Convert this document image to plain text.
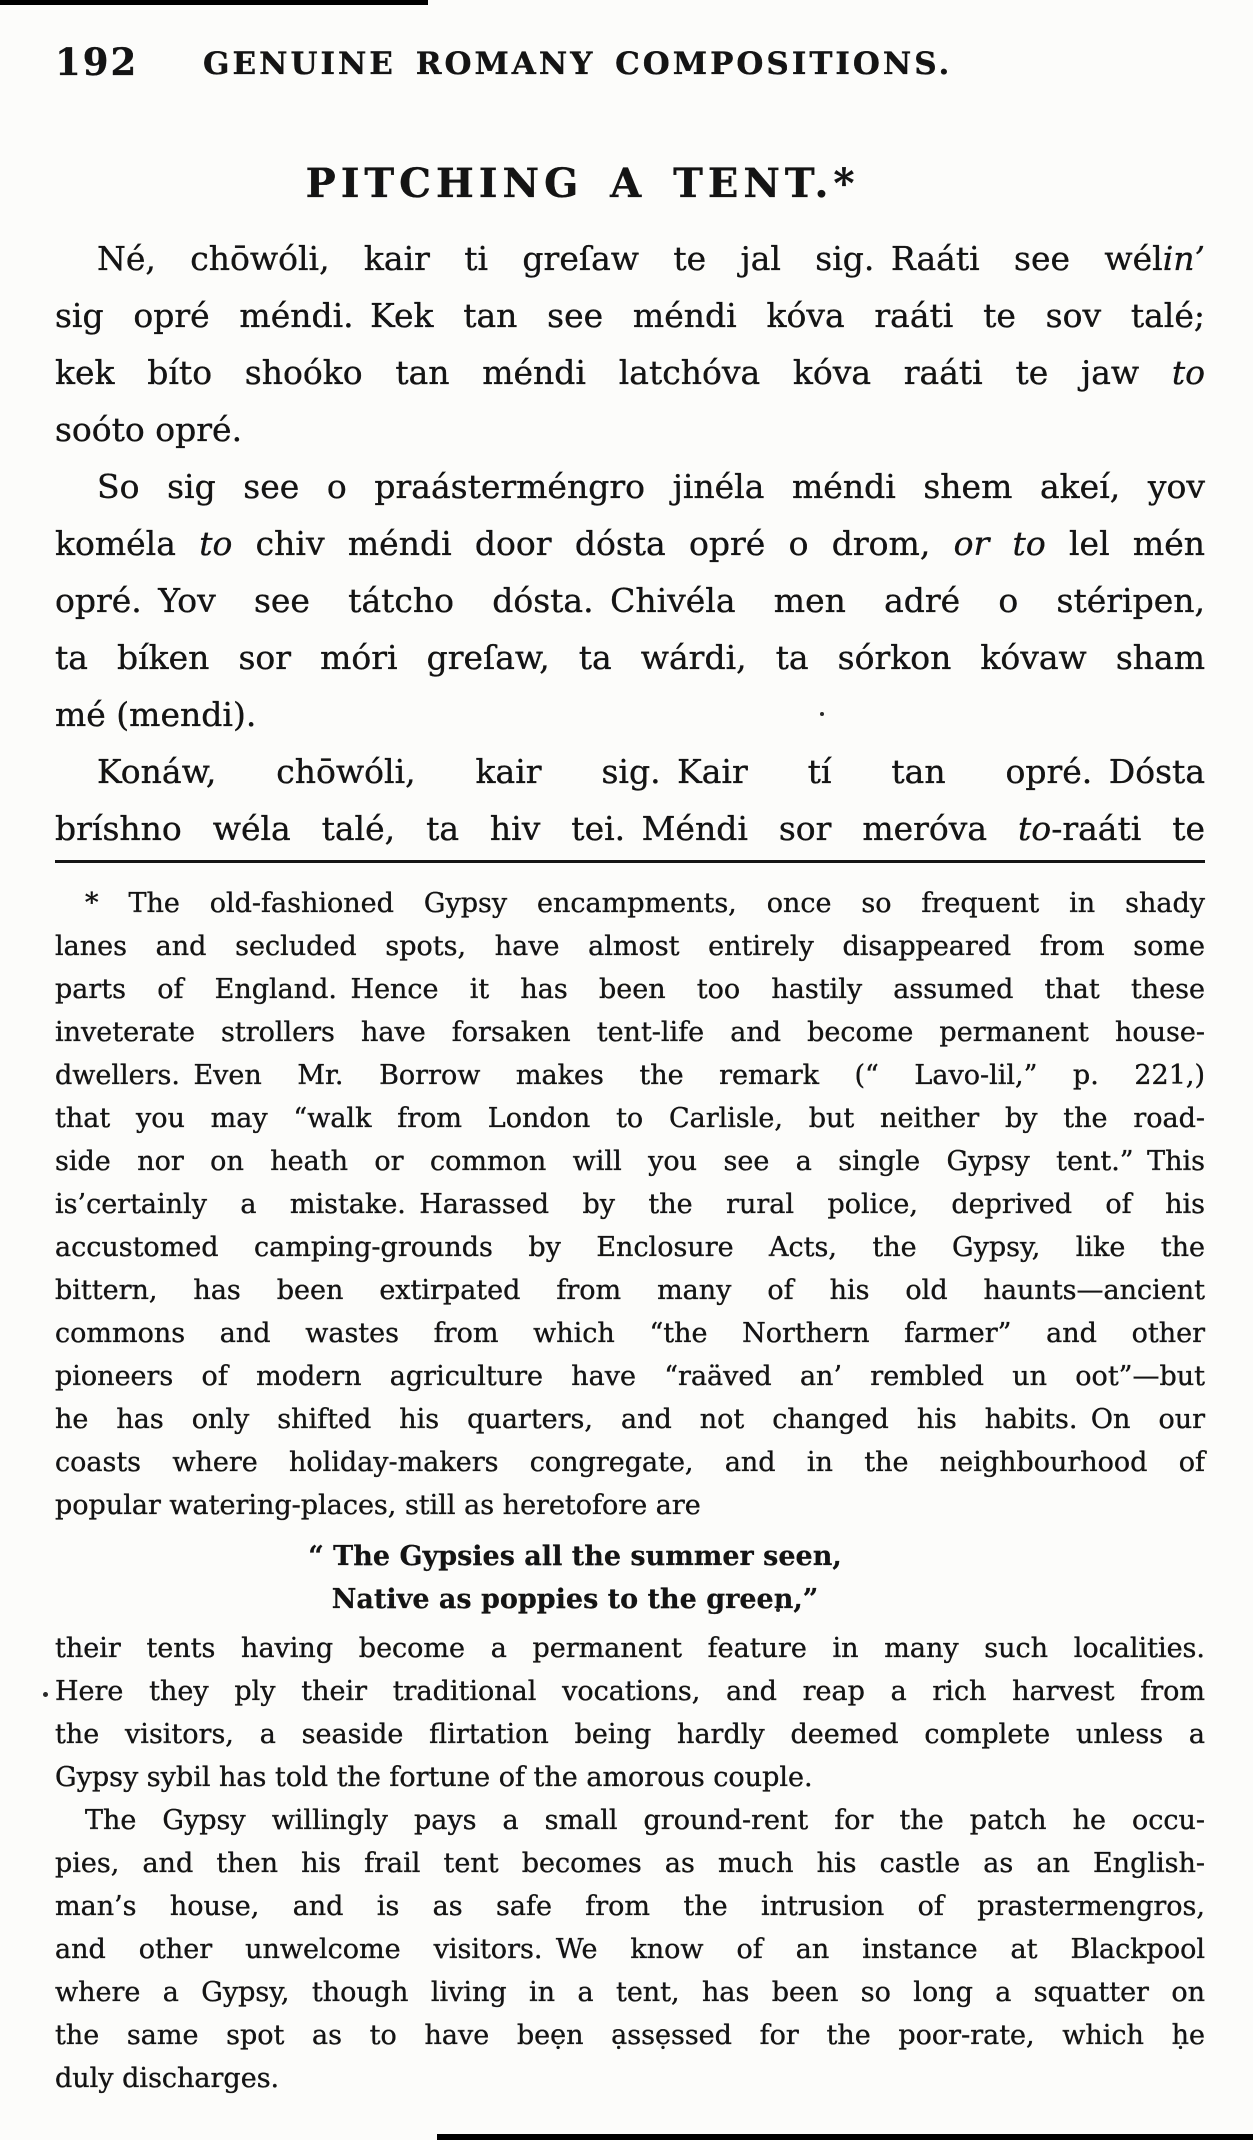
192 GENUINE ROMANY COMPOSITIONS.
PITCHING A TENT.*
Né, chōwóli, kair ti greſaw te jal sig. Raáti see wélin’
sig opré méndi. Kek tan see méndi kóva raáti te sov talé;
kek bíto shoóko tan méndi latchóva kóva raáti te jaw to
soóto opré.
So sig see o praásterméngro jinéla méndi shem akeí, yov
koméla to chiv méndi door dósta opré o drom, or to lel mén
opré. Yov see tátcho dósta. Chivéla men adré o stéripen,
ta bíken sor móri greſaw, ta wárdi, ta sórkon kóvaw sham
mé (mendi).
Konáw, chōwóli, kair sig. Kair tí tan opré. Dósta
bríshno wéla talé, ta hiv tei. Méndi sor meróva to-raáti te
* The old-fashioned Gypsy encampments, once so frequent in shady
lanes and secluded spots, have almost entirely disappeared from some
parts of England. Hence it has been too hastily assumed that these
inveterate strollers have forsaken tent-life and become permanent house-
dwellers. Even Mr. Borrow makes the remark (“ Lavo-lil,” p. 221,)
that you may “walk from London to Carlisle, but neither by the road-
side nor on heath or common will you see a single Gypsy tent.” This
is’certainly a mistake. Harassed by the rural police, deprived of his
accustomed camping-grounds by Enclosure Acts, the Gypsy, like the
bittern, has been extirpated from many of his old haunts—ancient
commons and wastes from which “the Northern farmer” and other
pioneers of modern agriculture have “raäved an’ rembled un oot”—but
he has only shifted his quarters, and not changed his habits. On our
coasts where holiday-makers congregate, and in the neighbourhood of
popular watering-places, still as heretofore are
“ The Gypsies all the summer seen,
Native as poppies to the green,”
their tents having become a permanent feature in many such localities.
Here they ply their traditional vocations, and reap a rich harvest from
the visitors, a seaside flirtation being hardly deemed complete unless a
Gypsy sybil has told the fortune of the amorous couple.
The Gypsy willingly pays a small ground-rent for the patch he occu-
pies, and then his frail tent becomes as much his castle as an English-
man’s house, and is as safe from the intrusion of prastermengros,
and other unwelcome visitors. We know of an instance at Blackpool
where a Gypsy, though living in a tent, has been so long a squatter on
the same spot as to have beẹn ạssẹssed for the poor-rate, which ḥe
duly discharges.
